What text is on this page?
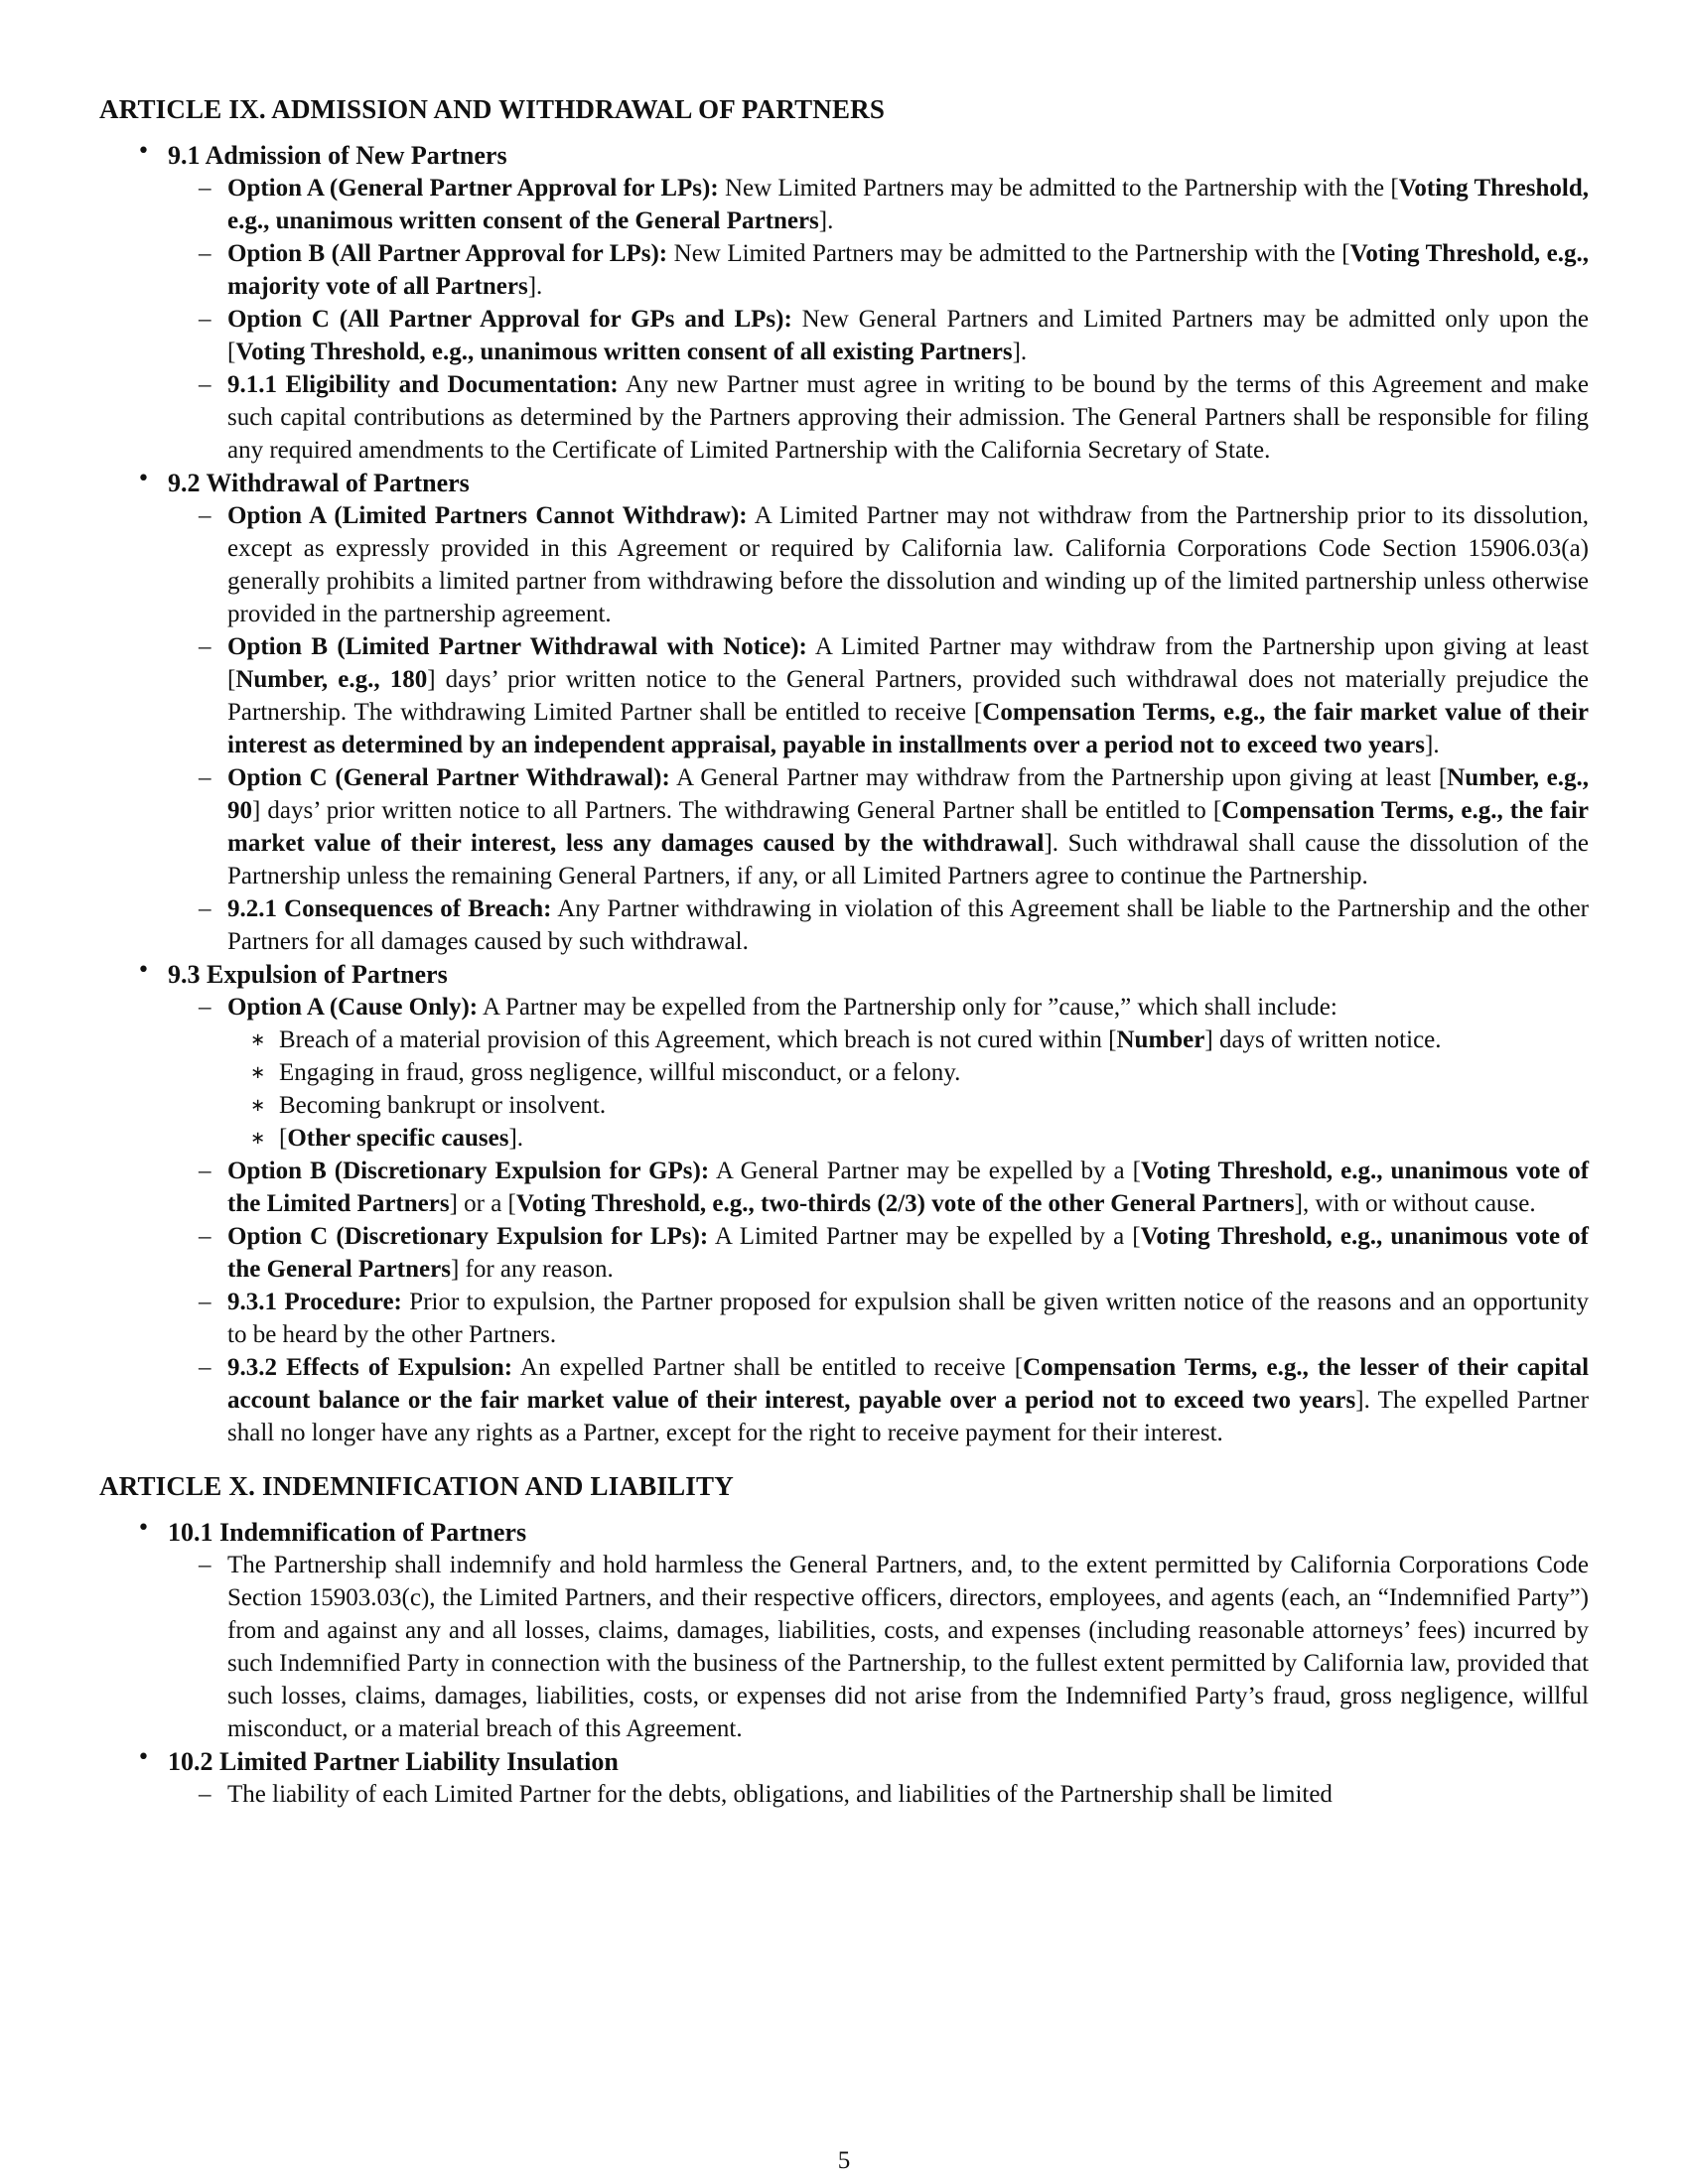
ARTICLE IX. ADMISSION AND WITHDRAWAL OF PARTNERS
• 9.1 Admission of New Partners

– Option A (General Partner Approval for LPs): New Limited Partners may be admitted to the Partnership with the [Voting Threshold, e.g., unanimous written consent of the General Partners].

– Option B (All Partner Approval for LPs): New Limited Partners may be admitted to the Partnership with the [Voting Threshold, e.g., majority vote of all Partners].

– Option C (All Partner Approval for GPs and LPs): New General Partners and Limited Partners may be admitted only upon the [Voting Threshold, e.g., unanimous written consent of all existing Partners].

– 9.1.1 Eligibility and Documentation: Any new Partner must agree in writing to be bound by the terms of this Agreement and make such capital contributions as determined by the Partners approving their admission. The General Partners shall be responsible for filing any required amendments to the Certificate of Limited Partnership with the California Secretary of State.

• 9.2 Withdrawal of Partners

– Option A (Limited Partners Cannot Withdraw): A Limited Partner may not withdraw from the Partnership prior to its dissolution, except as expressly provided in this Agreement or required by California law. California Corporations Code Section 15906.03(a) generally prohibits a limited partner from withdrawing before the dissolution and winding up of the limited partnership unless otherwise provided in the partnership agreement.

– Option B (Limited Partner Withdrawal with Notice): A Limited Partner may withdraw from the Partnership upon giving at least [Number, e.g., 180] days’ prior written notice to the General Partners, provided such withdrawal does not materially prejudice the Partnership. The withdrawing Limited Partner shall be entitled to receive [Compensation Terms, e.g., the fair market value of their interest as determined by an independent appraisal, payable in installments over a period not to exceed two years].

– Option C (General Partner Withdrawal): A General Partner may withdraw from the Partnership upon giving at least [Number, e.g., 90] days’ prior written notice to all Partners. The withdrawing General Partner shall be entitled to [Compensation Terms, e.g., the fair market value of their interest, less any damages caused by the withdrawal]. Such withdrawal shall cause the dissolution of the Partnership unless the remaining General Partners, if any, or all Limited Partners agree to continue the Partnership.

– 9.2.1 Consequences of Breach: Any Partner withdrawing in violation of this Agreement shall be liable to the Partnership and the other Partners for all damages caused by such withdrawal.

• 9.3 Expulsion of Partners

– Option A (Cause Only): A Partner may be expelled from the Partnership only for ”cause,” which shall include:

∗ Breach of a material provision of this Agreement, which breach is not cured within [Number] days of written notice.

∗ Engaging in fraud, gross negligence, willful misconduct, or a felony.

∗ Becoming bankrupt or insolvent.

∗ [Other specific causes].

– Option B (Discretionary Expulsion for GPs): A General Partner may be expelled by a [Voting Threshold, e.g., unanimous vote of the Limited Partners] or a [Voting Threshold, e.g., two-thirds (2/3) vote of the other General Partners], with or without cause.

– Option C (Discretionary Expulsion for LPs): A Limited Partner may be expelled by a [Voting Threshold, e.g., unanimous vote of the General Partners] for any reason.

– 9.3.1 Procedure: Prior to expulsion, the Partner proposed for expulsion shall be given written notice of the reasons and an opportunity to be heard by the other Partners.

– 9.3.2 Effects of Expulsion: An expelled Partner shall be entitled to receive [Compensation Terms, e.g., the lesser of their capital account balance or the fair market value of their interest, payable over a period not to exceed two years]. The expelled Partner shall no longer have any rights as a Partner, except for the right to receive payment for their interest.

ARTICLE X. INDEMNIFICATION AND LIABILITY
• 10.1 Indemnification of Partners

– The Partnership shall indemnify and hold harmless the General Partners, and, to the extent permitted by California Corporations Code Section 15903.03(c), the Limited Partners, and their respective officers, directors, employees, and agents (each, an “Indemnified Party”) from and against any and all losses, claims, damages, liabilities, costs, and expenses (including reasonable attorneys’ fees) incurred by such Indemnified Party in connection with the business of the Partnership, to the fullest extent permitted by California law, provided that such losses, claims, damages, liabilities, costs, or expenses did not arise from the Indemnified Party’s fraud, gross negligence, willful misconduct, or a material breach of this Agreement.

• 10.2 Limited Partner Liability Insulation

– The liability of each Limited Partner for the debts, obligations, and liabilities of the Partnership shall be limited

5
